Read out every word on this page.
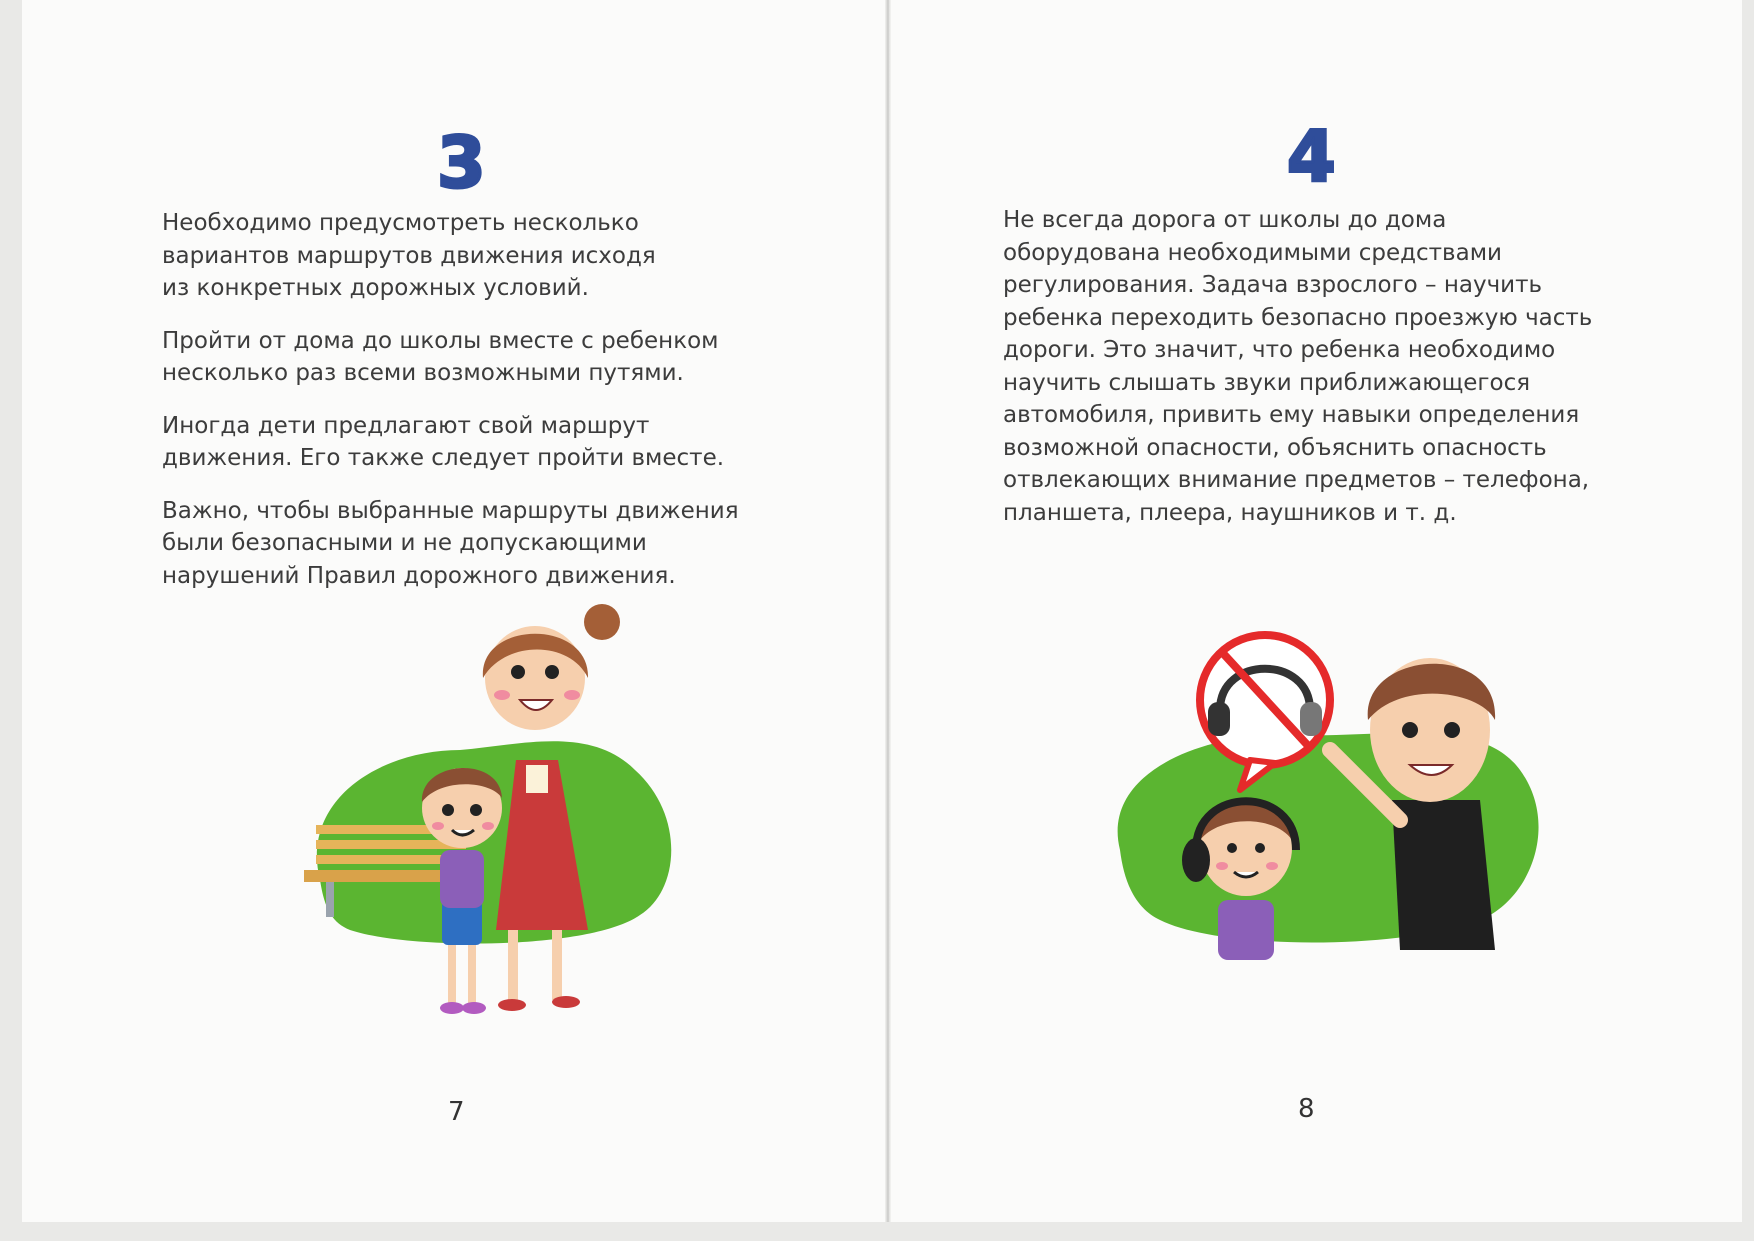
3

Необходимо предусмотреть несколько
вариантов маршрутов движения исходя
из конкретных дорожных условий.

Пройти от дома до школы вместе с ребенком
несколько раз всеми возможными путями.

Иногда дети предлагают свой маршрут
движения. Его также следует пройти вместе.

Важно, чтобы выбранные маршруты движения
были безопасными и не допускающими
нарушений Правил дорожного движения.

7
4

Не всегда дорога от школы до дома
оборудована необходимыми средствами
регулирования. Задача взрослого – научить
ребенка переходить безопасно проезжую часть
дороги. Это значит, что ребенка необходимо
научить слышать звуки приближающегося
автомобиля, привить ему навыки определения
возможной опасности, объяснить опасность
отвлекающих внимание предметов – телефона,
планшета, плеера, наушников и т. д.

8
